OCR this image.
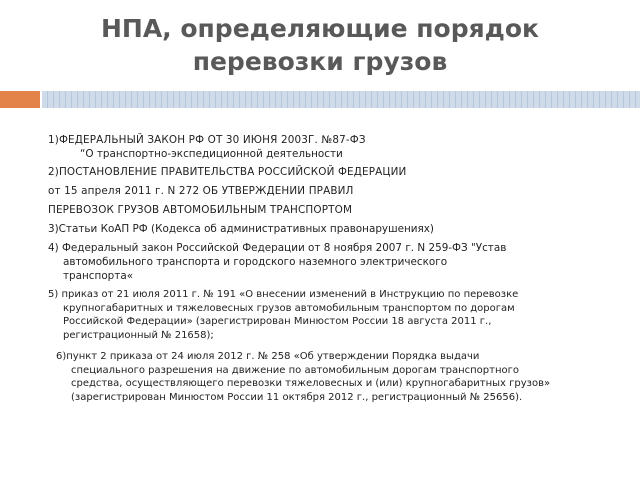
НПА, определяющие порядок
перевозки грузов
1)ФЕДЕРАЛЬНЫЙ ЗАКОН РФ ОТ 30 ИЮНЯ 2003Г. №87-ФЗ
“О транспортно-экспедиционной деятельности
2)ПОСТАНОВЛЕНИЕ ПРАВИТЕЛЬСТВА РОССИЙСКОЙ ФЕДЕРАЦИИ
от 15 апреля 2011 г. N 272 ОБ УТВЕРЖДЕНИИ ПРАВИЛ
ПЕРЕВОЗОК ГРУЗОВ АВТОМОБИЛЬНЫМ ТРАНСПОРТОМ
3)Статьи КоАП РФ (Кодекса об административных правонарушениях)
4) Федеральный закон Российской Федерации от 8 ноября 2007 г. N 259-ФЗ "Устав
автомобильного транспорта и городского наземного электрического
транспорта«
5) приказ от 21 июля 2011 г. № 191 «О внесении изменений в Инструкцию по перевозке
крупногабаритных и тяжеловесных грузов автомобильным транспортом по дорогам
Российской Федерации» (зарегистрирован Минюстом России 18 августа 2011 г.,
регистрационный № 21658);
6)пункт 2 приказа от 24 июля 2012 г. № 258 «Об утверждении Порядка выдачи
специального разрешения на движение по автомобильным дорогам транспортного
средства, осуществляющего перевозки тяжеловесных и (или) крупногабаритных грузов»
(зарегистрирован Минюстом России 11 октября 2012 г., регистрационный № 25656).
